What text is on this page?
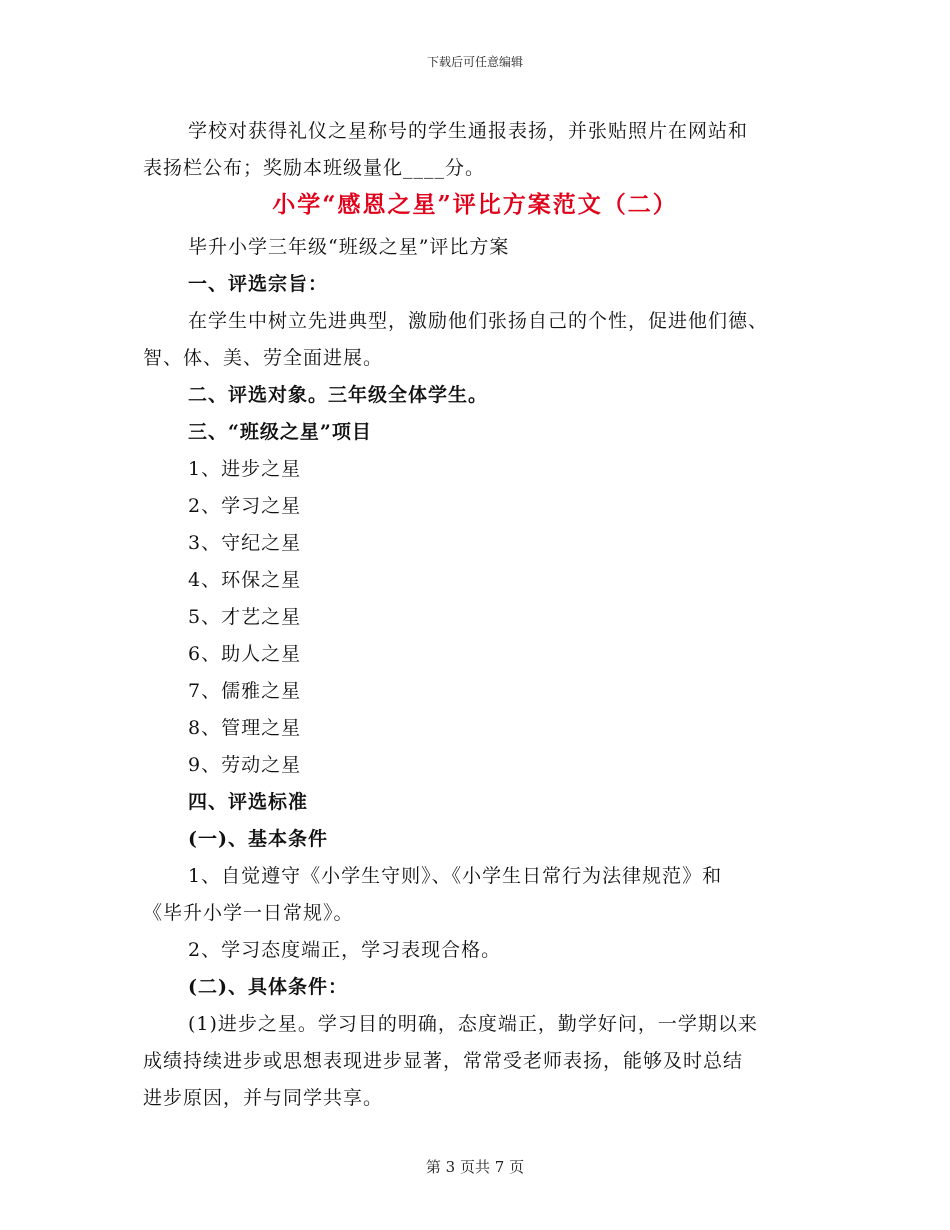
下载后可任意编辑
学校对获得礼仪之星称号的学生通报表扬，并张贴照片在网站和
表扬栏公布；奖励本班级量化____分。
小学“感恩之星”评比方案范文（二）
毕升小学三年级“班级之星”评比方案
一、评选宗旨：
在学生中树立先进典型，激励他们张扬自己的个性，促进他们德、
智、体、美、劳全面进展。
二、评选对象。三年级全体学生。
三、“班级之星”项目
1、进步之星
2、学习之星
3、守纪之星
4、环保之星
5、才艺之星
6、助人之星
7、儒雅之星
8、管理之星
9、劳动之星
四、评选标准
(一)、基本条件
1、自觉遵守《小学生守则》、《小学生日常行为法律规范》和
《毕升小学一日常规》。
2、学习态度端正，学习表现合格。
(二)、具体条件：
(1)进步之星。学习目的明确，态度端正，勤学好问，一学期以来
成绩持续进步或思想表现进步显著，常常受老师表扬，能够及时总结
进步原因，并与同学共享。
第 3 页共 7 页
